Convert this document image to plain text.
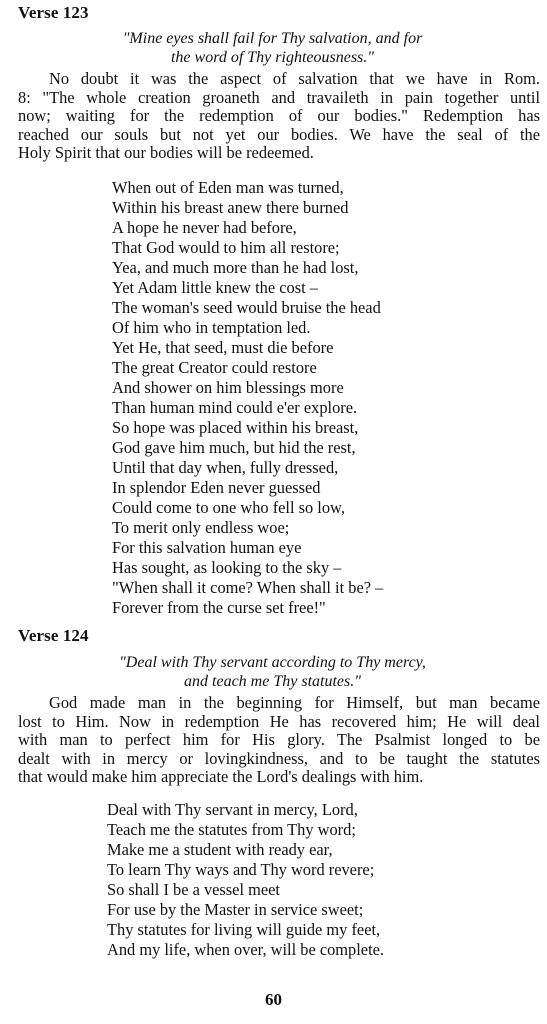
Verse 123
"Mine eyes shall fail for Thy salvation, and for
the word of Thy righteousness."
No doubt it was the aspect of salvation that we have in Rom.
8: "The whole creation groaneth and travaileth in pain together until
now; waiting for the redemption of our bodies." Redemption has
reached our souls but not yet our bodies. We have the seal of the
Holy Spirit that our bodies will be redeemed.
When out of Eden man was turned,
Within his breast anew there burned
A hope he never had before,
That God would to him all restore;
Yea, and much more than he had lost,
Yet Adam little knew the cost –
The woman's seed would bruise the head
Of him who in temptation led.
Yet He, that seed, must die before
The great Creator could restore
And shower on him blessings more
Than human mind could e'er explore.
So hope was placed within his breast,
God gave him much, but hid the rest,
Until that day when, fully dressed,
In splendor Eden never guessed
Could come to one who fell so low,
To merit only endless woe;
For this salvation human eye
Has sought, as looking to the sky –
"When shall it come? When shall it be? –
Forever from the curse set free!"
Verse 124
"Deal with Thy servant according to Thy mercy,
and teach me Thy statutes."
God made man in the beginning for Himself, but man became
lost to Him. Now in redemption He has recovered him; He will deal
with man to perfect him for His glory. The Psalmist longed to be
dealt with in mercy or lovingkindness, and to be taught the statutes
that would make him appreciate the Lord's dealings with him.
Deal with Thy servant in mercy, Lord,
Teach me the statutes from Thy word;
Make me a student with ready ear,
To learn Thy ways and Thy word revere;
So shall I be a vessel meet
For use by the Master in service sweet;
Thy statutes for living will guide my feet,
And my life, when over, will be complete.
60
